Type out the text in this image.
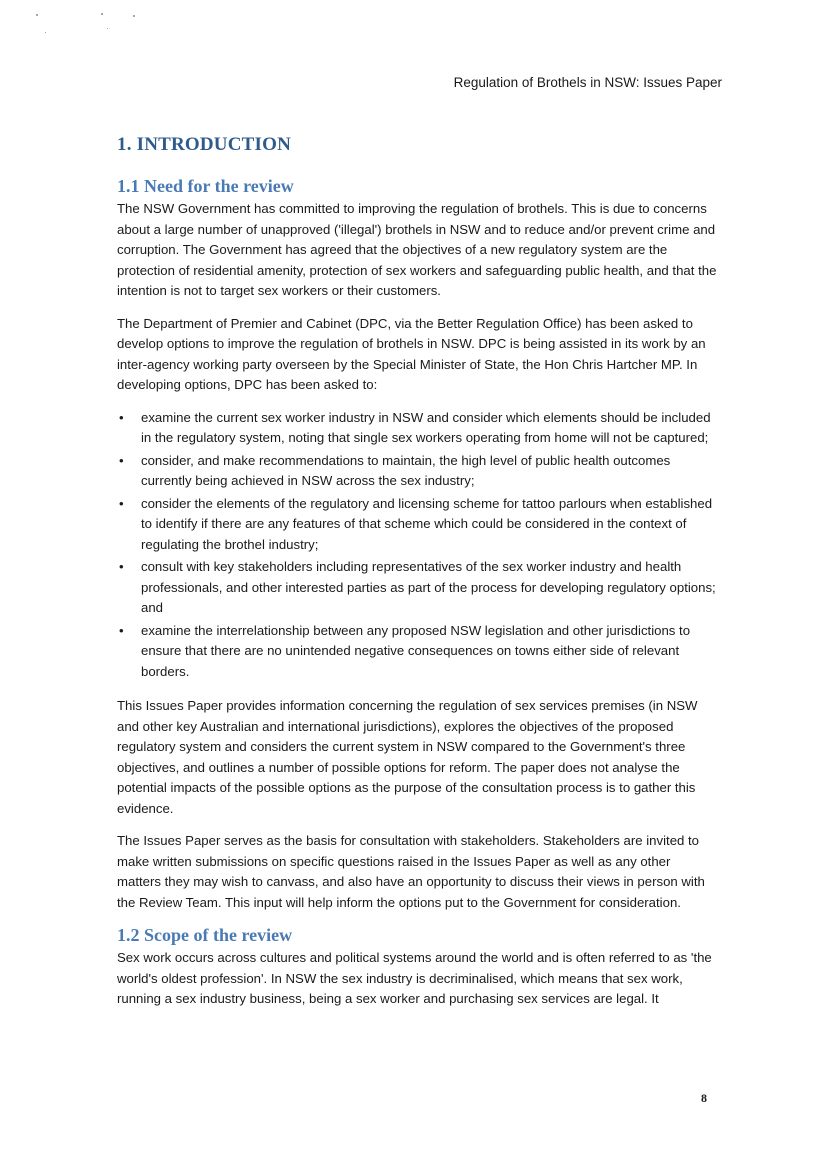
Regulation of Brothels in NSW: Issues Paper
1. INTRODUCTION
1.1 Need for the review

The NSW Government has committed to improving the regulation of brothels. This is due to concerns about a large number of unapproved ('illegal') brothels in NSW and to reduce and/or prevent crime and corruption. The Government has agreed that the objectives of a new regulatory system are the protection of residential amenity, protection of sex workers and safeguarding public health, and that the intention is not to target sex workers or their customers.

The Department of Premier and Cabinet (DPC, via the Better Regulation Office) has been asked to develop options to improve the regulation of brothels in NSW. DPC is being assisted in its work by an inter-agency working party overseen by the Special Minister of State, the Hon Chris Hartcher MP. In developing options, DPC has been asked to:

• examine the current sex worker industry in NSW and consider which elements should be included in the regulatory system, noting that single sex workers operating from home will not be captured;
• consider, and make recommendations to maintain, the high level of public health outcomes currently being achieved in NSW across the sex industry;
• consider the elements of the regulatory and licensing scheme for tattoo parlours when established to identify if there are any features of that scheme which could be considered in the context of regulating the brothel industry;
• consult with key stakeholders including representatives of the sex worker industry and health professionals, and other interested parties as part of the process for developing regulatory options; and
• examine the interrelationship between any proposed NSW legislation and other jurisdictions to ensure that there are no unintended negative consequences on towns either side of relevant borders.

This Issues Paper provides information concerning the regulation of sex services premises (in NSW and other key Australian and international jurisdictions), explores the objectives of the proposed regulatory system and considers the current system in NSW compared to the Government's three objectives, and outlines a number of possible options for reform. The paper does not analyse the potential impacts of the possible options as the purpose of the consultation process is to gather this evidence.

The Issues Paper serves as the basis for consultation with stakeholders. Stakeholders are invited to make written submissions on specific questions raised in the Issues Paper as well as any other matters they may wish to canvass, and also have an opportunity to discuss their views in person with the Review Team. This input will help inform the options put to the Government for consideration.

1.2 Scope of the review

Sex work occurs across cultures and political systems around the world and is often referred to as 'the world's oldest profession'. In NSW the sex industry is decriminalised, which means that sex work, running a sex industry business, being a sex worker and purchasing sex services are legal. It

8
